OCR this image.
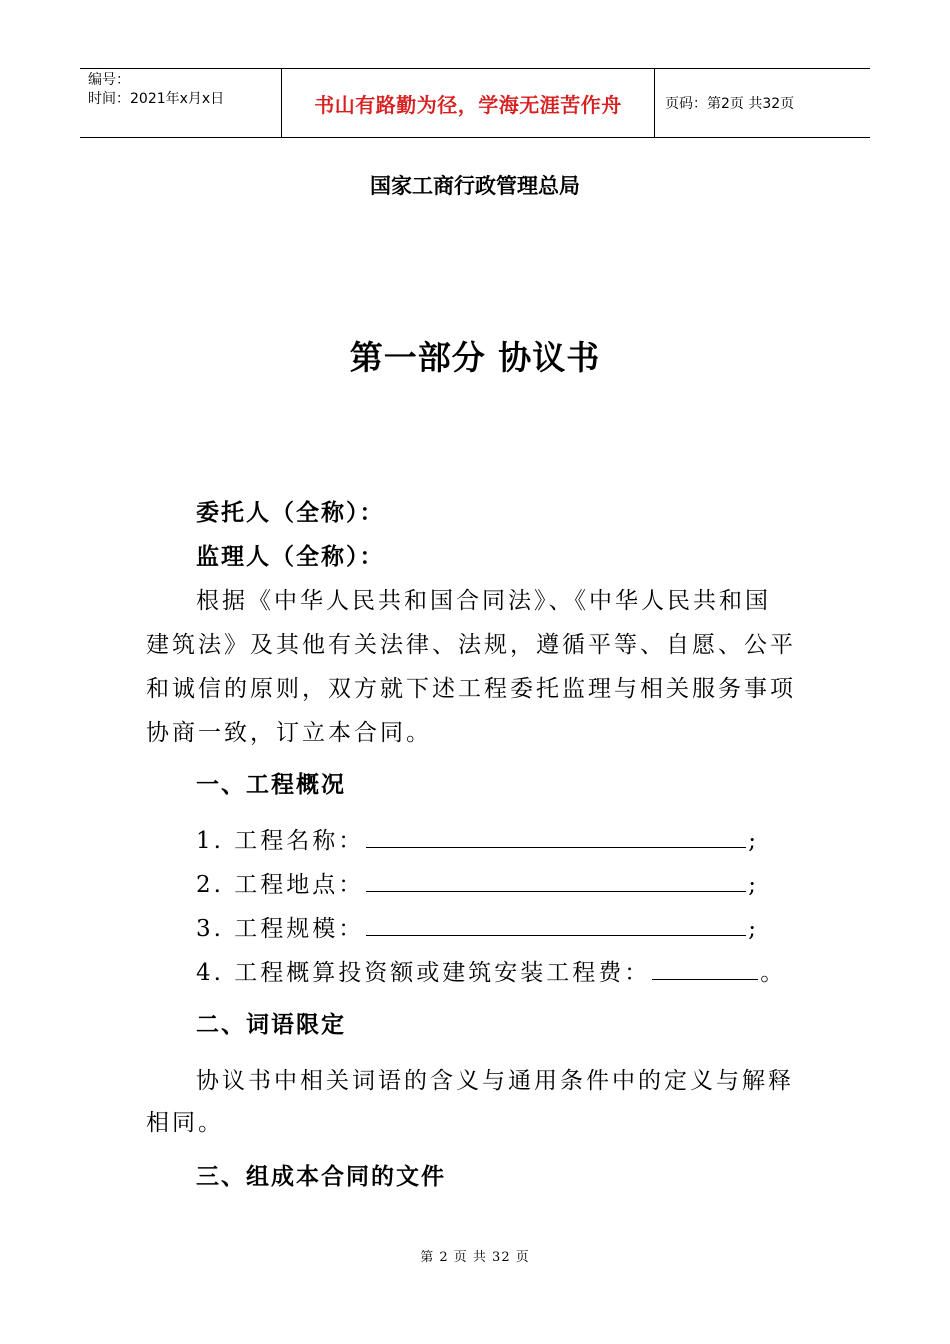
编号：
时间：2021年x月x日	书山有路勤为径，学海无涯苦作舟	页码：第2页 共32页
国家工商行政管理总局
第一部分 协议书
委托人（全称）：
监理人（全称）：
根据《中华人民共和国合同法》、《中华人民共和国
建筑法》及其他有关法律、法规，遵循平等、自愿、公平
和诚信的原则，双方就下述工程委托监理与相关服务事项
协商一致，订立本合同。
一、工程概况
1. 工程名称：	;
2. 工程地点：	;
3. 工程规模：	;
4. 工程概算投资额或建筑安装工程费：	。
二、词语限定
协议书中相关词语的含义与通用条件中的定义与解释
相同。
三、组成本合同的文件
第 2 页 共 32 页
